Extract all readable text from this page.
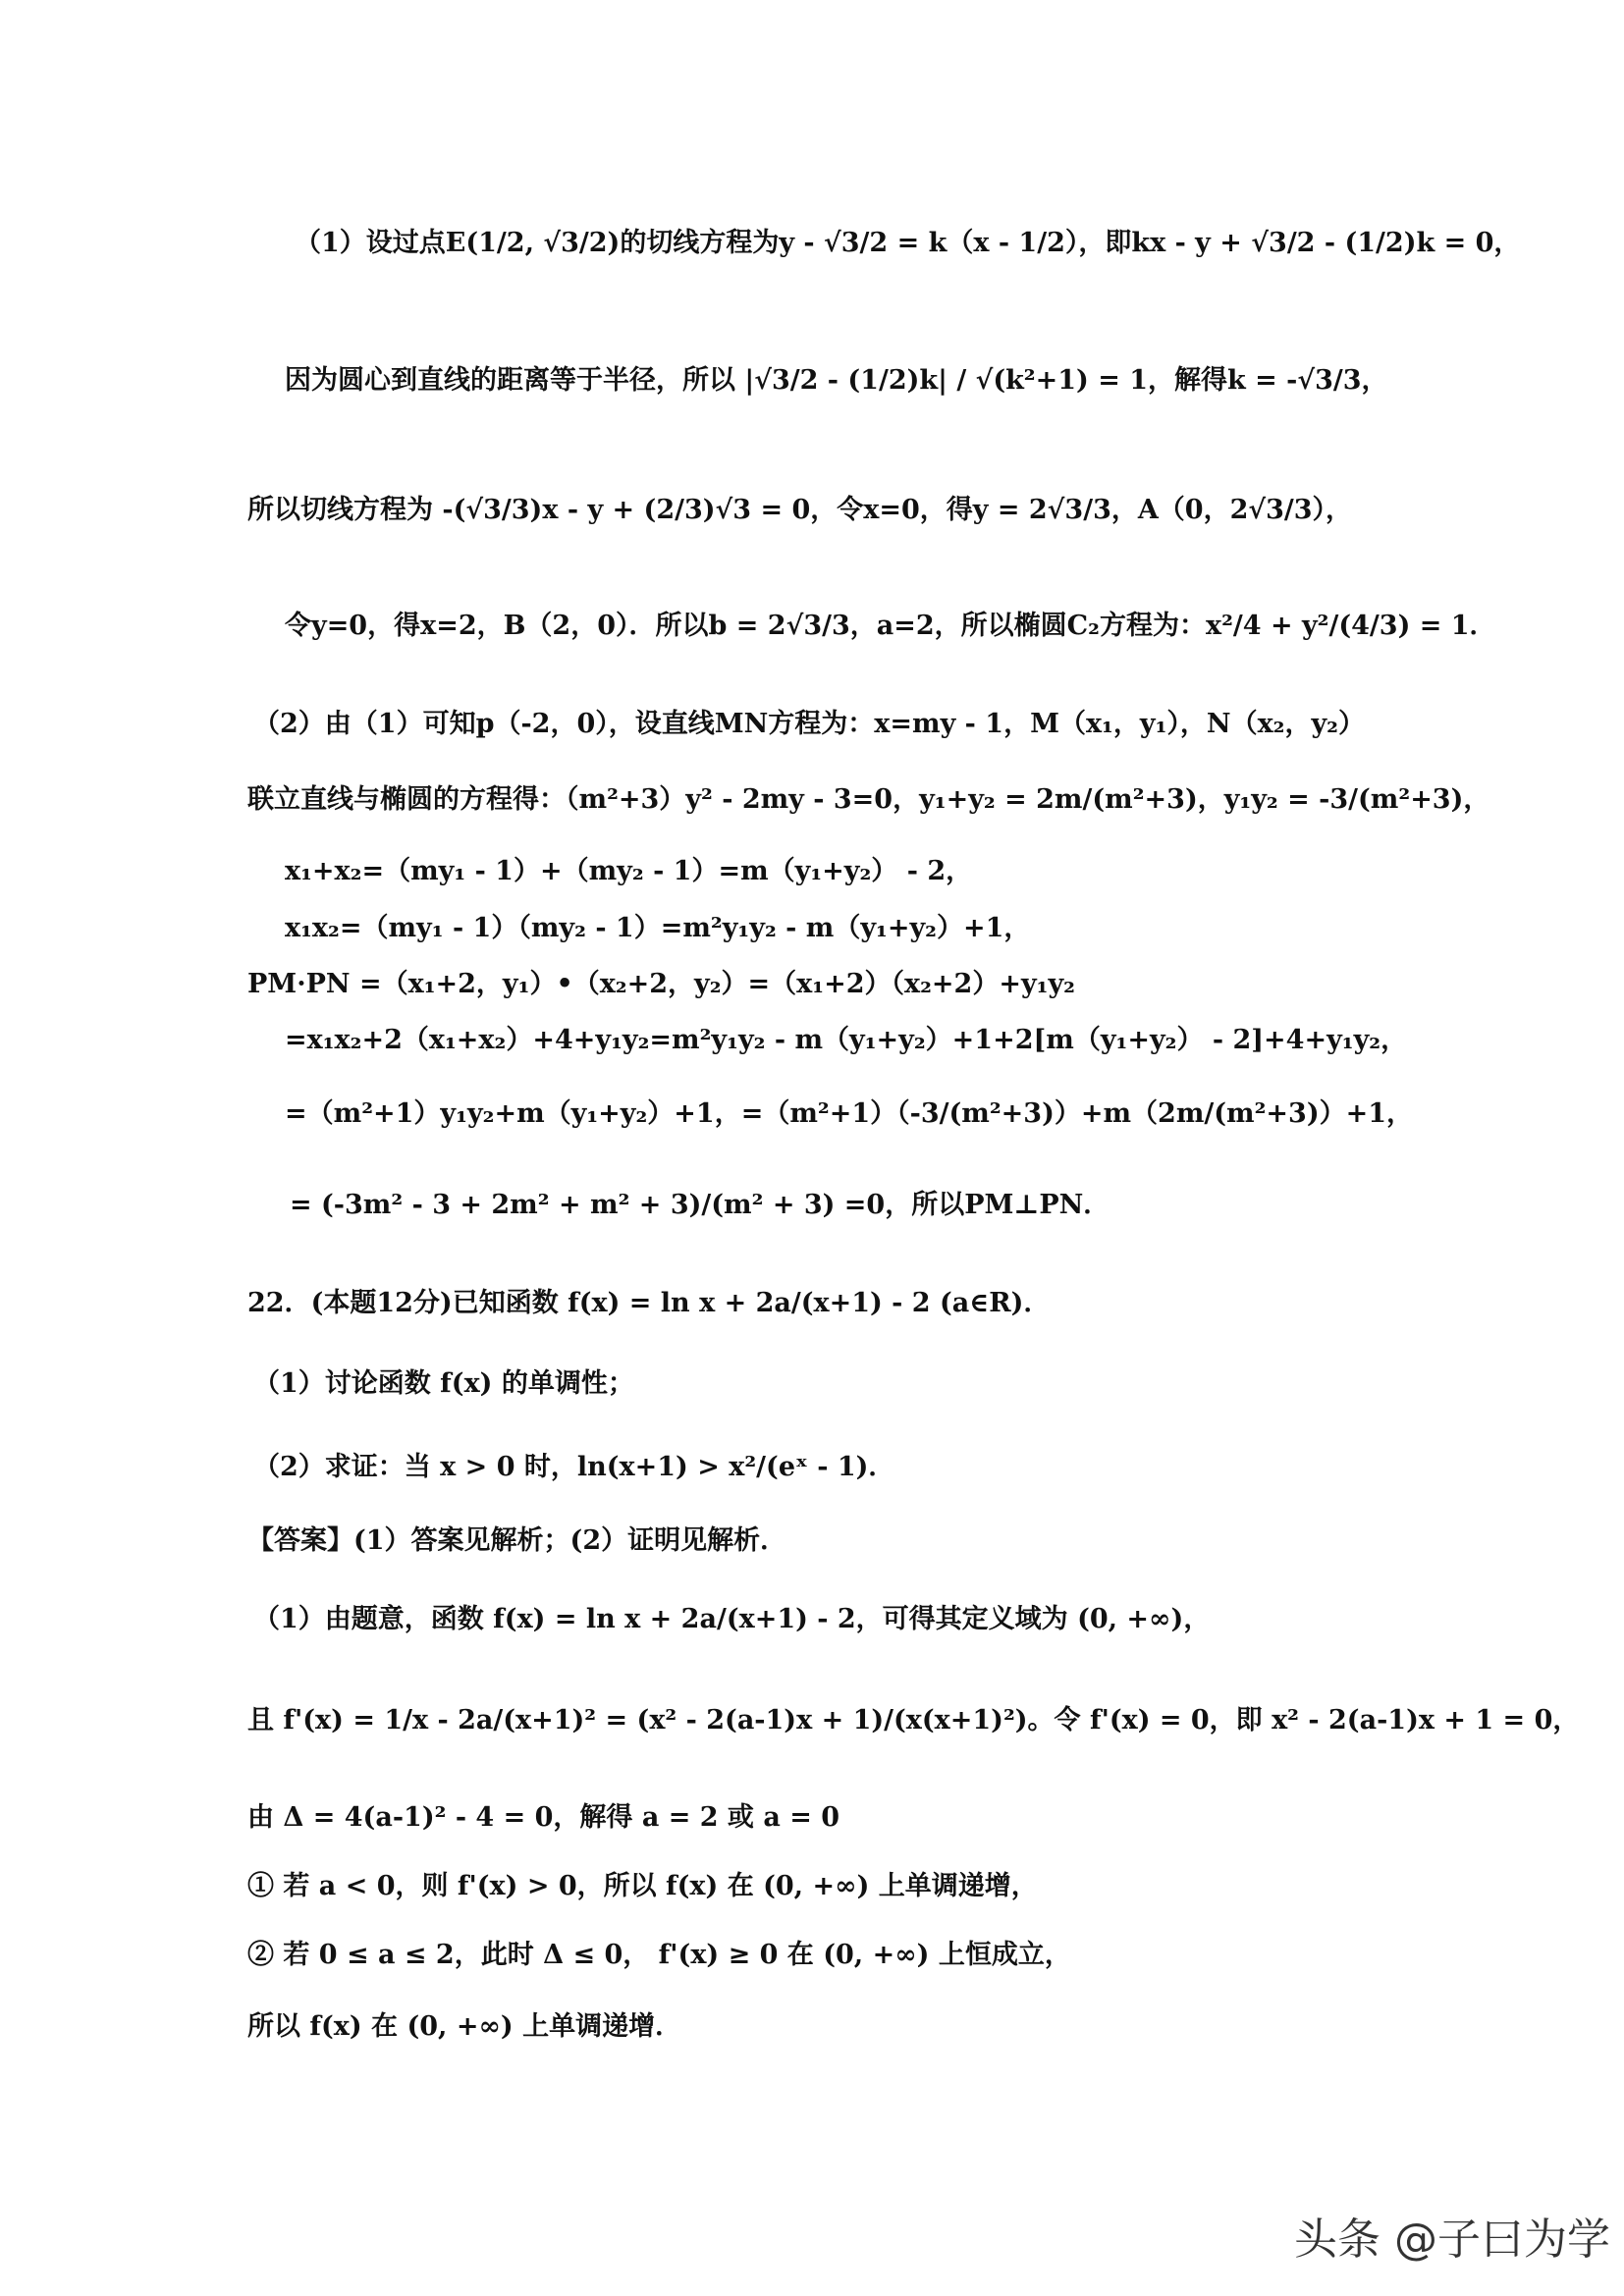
（1）设过点E(1/2, √3/2)的切线方程为y - √3/2 = k（x - 1/2），即kx - y + √3/2 - (1/2)k = 0，
因为圆心到直线的距离等于半径，所以 |√3/2 - (1/2)k| / √(k²+1) = 1，解得k = -√3/3，
所以切线方程为 -(√3/3)x - y + (2/3)√3 = 0，令x=0，得y = 2√3/3，A（0，2√3/3），
令y=0，得x=2，B（2，0）．所以b = 2√3/3，a=2，所以椭圆C₂方程为：x²/4 + y²/(4/3) = 1．
（2）由（1）可知p（-2，0），设直线MN方程为：x=my - 1，M（x₁，y₁），N（x₂，y₂）
联立直线与椭圆的方程得：（m²+3）y² - 2my - 3=0，y₁+y₂ = 2m/(m²+3)，y₁y₂ = -3/(m²+3)，
x₁+x₂=（my₁ - 1）+（my₂ - 1）=m（y₁+y₂） - 2，
x₁x₂=（my₁ - 1）（my₂ - 1）=m²y₁y₂ - m（y₁+y₂）+1，
PM·PN =（x₁+2，y₁）•（x₂+2，y₂）=（x₁+2）（x₂+2）+y₁y₂
=x₁x₂+2（x₁+x₂）+4+y₁y₂=m²y₁y₂ - m（y₁+y₂）+1+2[m（y₁+y₂） - 2]+4+y₁y₂，
=（m²+1）y₁y₂+m（y₁+y₂）+1，=（m²+1）（-3/(m²+3)）+m（2m/(m²+3)）+1，
= (-3m² - 3 + 2m² + m² + 3)/(m² + 3) =0，所以PM⊥PN．
22．(本题12分)已知函数 f(x) = ln x + 2a/(x+1) - 2 (a∈R)．
（1）讨论函数 f(x) 的单调性；
（2）求证：当 x > 0 时，ln(x+1) > x²/(eˣ - 1)．
【答案】(1）答案见解析；(2）证明见解析．
（1）由题意，函数 f(x) = ln x + 2a/(x+1) - 2，可得其定义域为 (0, +∞)，
且 f'(x) = 1/x - 2a/(x+1)² = (x² - 2(a-1)x + 1)/(x(x+1)²)。令 f'(x) = 0，即 x² - 2(a-1)x + 1 = 0，
由 Δ = 4(a-1)² - 4 = 0，解得 a = 2 或 a = 0
① 若 a < 0，则 f'(x) > 0，所以 f(x) 在 (0, +∞) 上单调递增，
② 若 0 ≤ a ≤ 2，此时 Δ ≤ 0， f'(x) ≥ 0 在 (0, +∞) 上恒成立，
所以 f(x) 在 (0, +∞) 上单调递增．
头条 @子曰为学
